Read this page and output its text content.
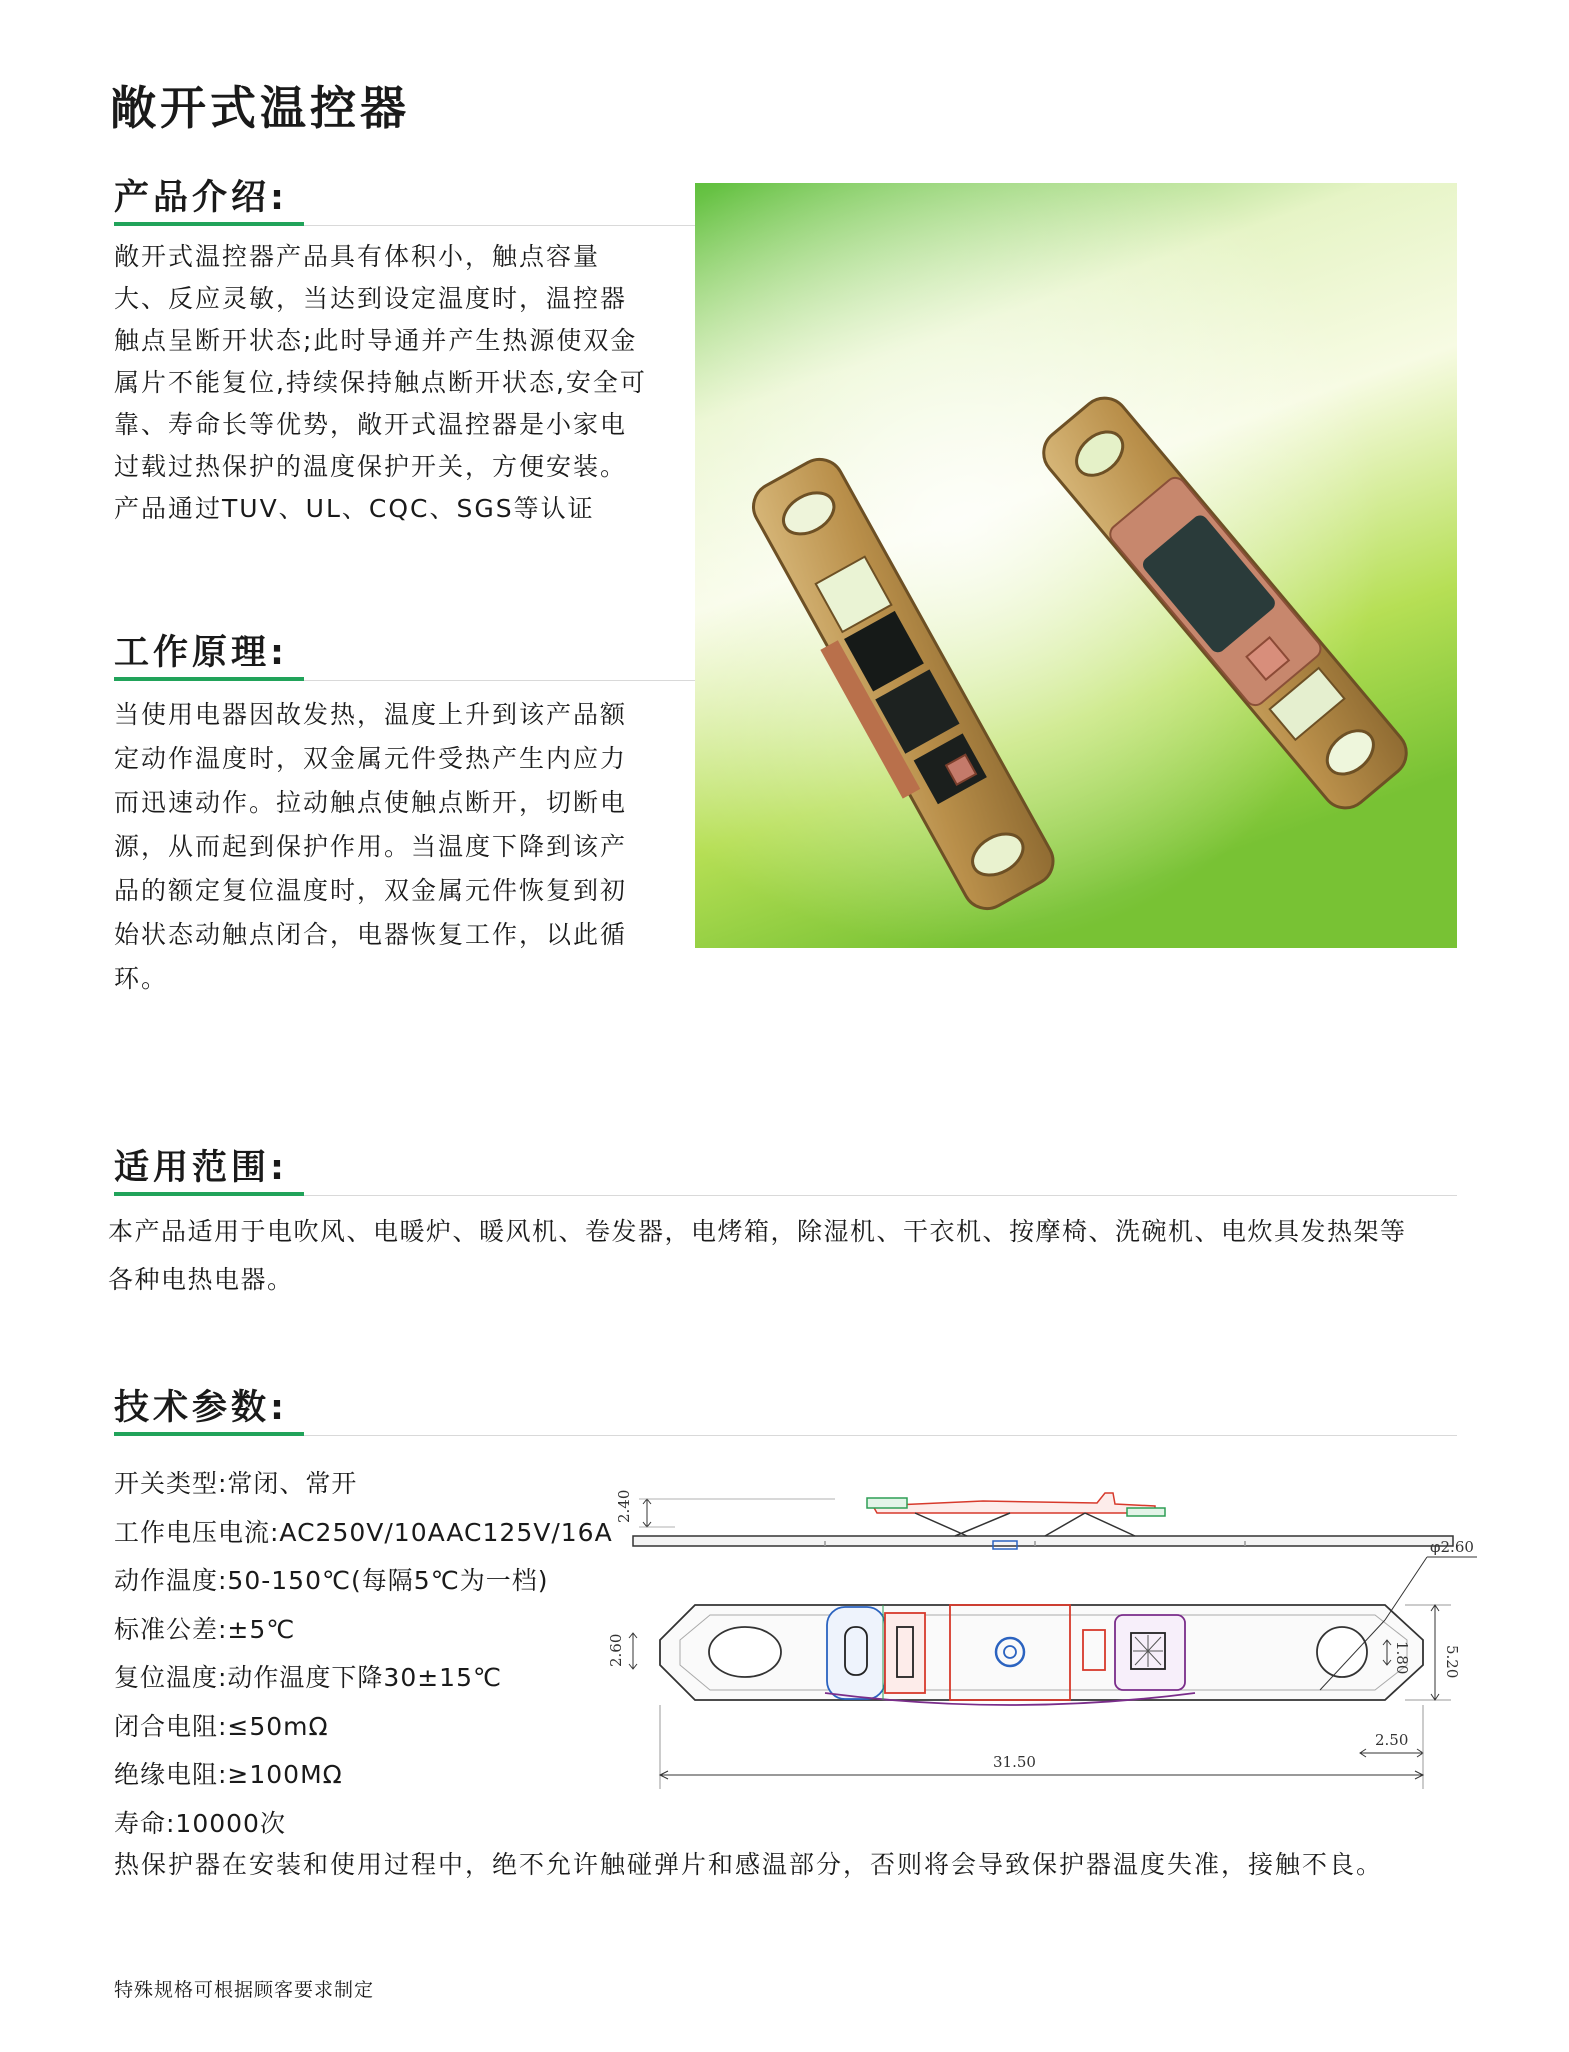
敞开式温控器
产品介绍:

敞开式温控器产品具有体积小，触点容量

大、反应灵敏，当达到设定温度时，温控器

触点呈断开状态;此时导通并产生热源使双金

属片不能复位,持续保持触点断开状态,安全可

靠、寿命长等优势，敞开式温控器是小家电

过载过热保护的温度保护开关，方便安装。

产品通过TUV、UL、CQC、SGS等认证

工作原理:

当使用电器因故发热，温度上升到该产品额

定动作温度时，双金属元件受热产生内应力

而迅速动作。拉动触点使触点断开，切断电

源，从而起到保护作用。当温度下降到该产

品的额定复位温度时，双金属元件恢复到初

始状态动触点闭合，电器恢复工作，以此循

环。

适用范围:

本产品适用于电吹风、电暖炉、暖风机、卷发器，电烤箱，除湿机、干衣机、按摩椅、洗碗机、电炊具发热架等

各种电热电器。

技术参数:
开关类型:常闭、常开
工作电压电流:AC250V/10AAC125V/16A
动作温度:50-150℃(每隔5℃为一档)
标准公差:±5℃
复位温度:动作温度下降30±15℃
闭合电阻:≤50mΩ
绝缘电阻:≥100MΩ
寿命:10000次
2.40
φ2.60
2.60	5.20
1.80
2.50
31.50
热保护器在安装和使用过程中，绝不允许触碰弹片和感温部分，否则将会导致保护器温度失准，接触不良。
特殊规格可根据顾客要求制定
